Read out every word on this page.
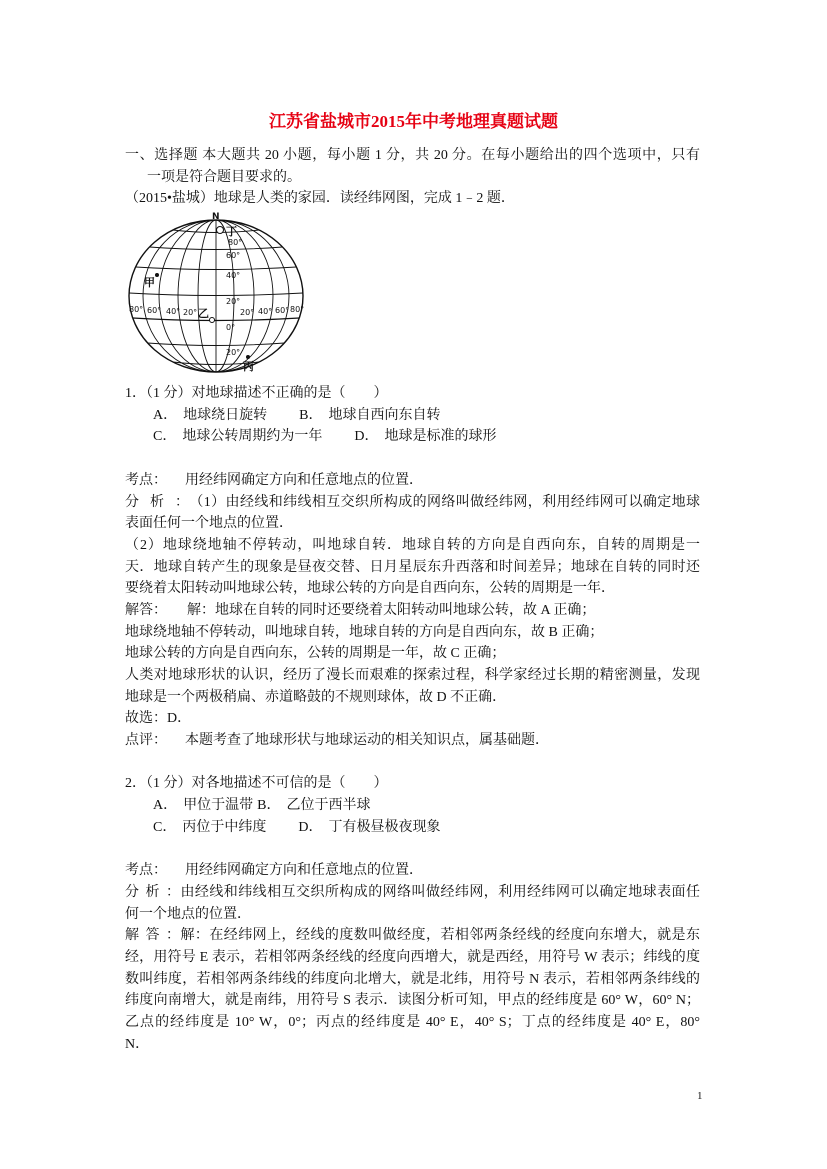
江苏省盐城市2015年中考地理真题试题
一、选择题 本大题共 20 小题，每小题 1 分，共 20 分。在每小题给出的四个选项中，只有
一项是符合题目要求的。
（2015•盐城）地球是人类的家园．读经纬网图，完成 1﹣2 题．
N
丁
甲
乙
丙
80°
60°
40°
20°
0°
20°
80° 60° 40° 20°	20° 40° 60° 80°
1．（1 分）对地球描述不正确的是（　　）
A． 地球绕日旋转 B． 地球自西向东自转
C． 地球公转周期约为一年 D． 地球是标准的球形
考点： 用经纬网确定方向和任意地点的位置．
分析：（1）由经线和纬线相互交织所构成的网络叫做经纬网，利用经纬网可以确定地球
表面任何一个地点的位置．
（2）地球绕地轴不停转动，叫地球自转．地球自转的方向是自西向东，自转的周期是一
天．地球自转产生的现象是昼夜交替、日月星辰东升西落和时间差异；地球在自转的同时还
要绕着太阳转动叫地球公转，地球公转的方向是自西向东，公转的周期是一年．
解答： 解：地球在自转的同时还要绕着太阳转动叫地球公转，故 A 正确；
地球绕地轴不停转动，叫地球自转，地球自转的方向是自西向东，故 B 正确；
地球公转的方向是自西向东，公转的周期是一年，故 C 正确；
人类对地球形状的认识，经历了漫长而艰难的探索过程，科学家经过长期的精密测量，发现
地球是一个两极稍扁、赤道略鼓的不规则球体，故 D 不正确．
故选：D．
点评： 本题考查了地球形状与地球运动的相关知识点，属基础题．
2．（1 分）对各地描述不可信的是（　　）
A． 甲位于温带 B． 乙位于西半球
C． 丙位于中纬度 D． 丁有极昼极夜现象
考点： 用经纬网确定方向和任意地点的位置．
分析：由经线和纬线相互交织所构成的网络叫做经纬网，利用经纬网可以确定地球表面任
何一个地点的位置．
解答：解：在经纬网上，经线的度数叫做经度，若相邻两条经线的经度向东增大，就是东
经，用符号 E 表示，若相邻两条经线的经度向西增大，就是西经，用符号 W 表示；纬线的度
数叫纬度，若相邻两条纬线的纬度向北增大，就是北纬，用符号 N 表示，若相邻两条纬线的
纬度向南增大，就是南纬，用符号 S 表示．读图分析可知，甲点的经纬度是 60° W，60° N；
乙点的经纬度是 10° W，0°；丙点的经纬度是 40° E，40° S；丁点的经纬度是 40° E，80°
N．
1
